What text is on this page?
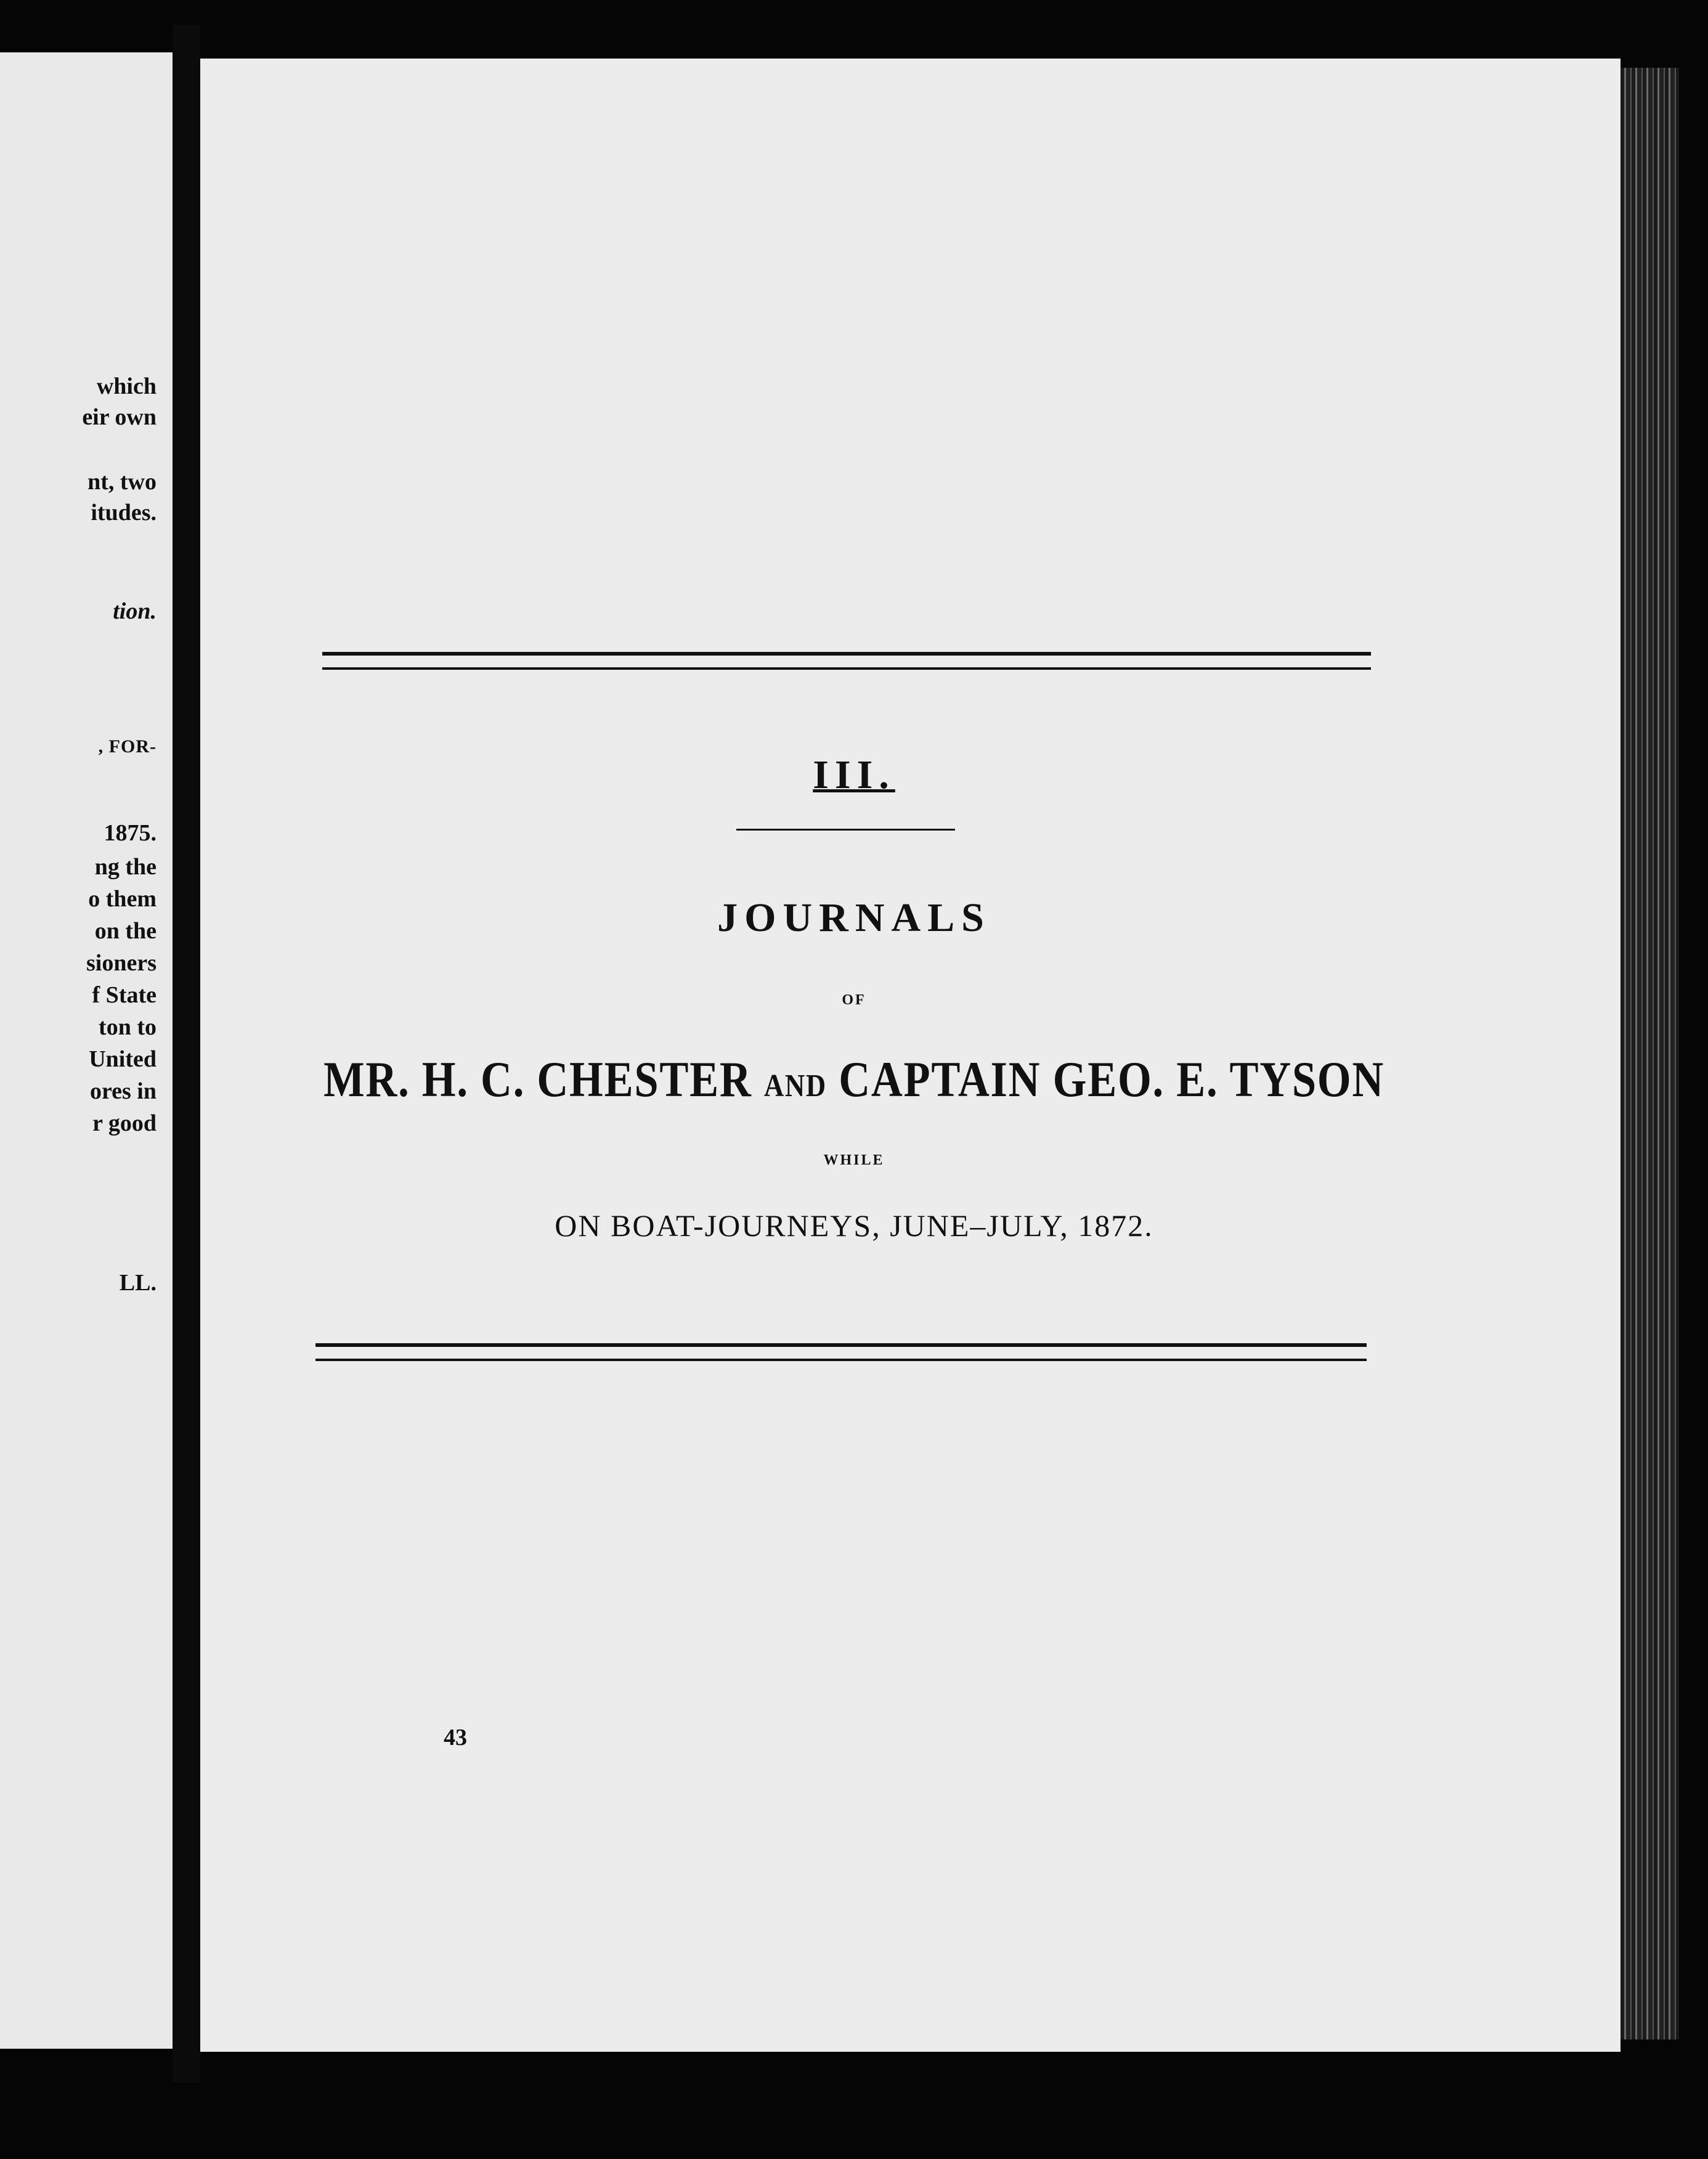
which
eir own
nt, two
itudes.
tion.
, FOR-
1875.
ng the
o them
on the
sioners
f State
ton to
United
ores in
r good
LL.
III.
JOURNALS
OF
MR. H. C. CHESTER AND CAPTAIN GEO. E. TYSON
WHILE
ON BOAT-JOURNEYS, JUNE–JULY, 1872.
43
